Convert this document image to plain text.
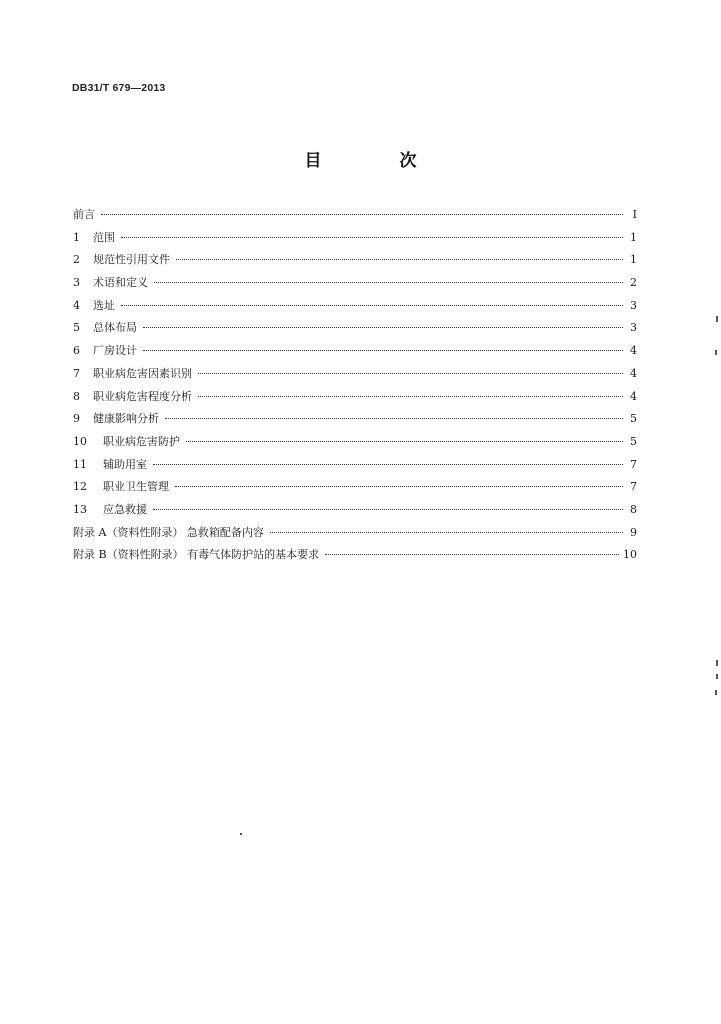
DB31/T 679—2013
目 次
前言	I
1	范围	1
2	规范性引用文件	1
3	术语和定义	2
4	选址	3
5	总体布局	3
6	厂房设计	4
7	职业病危害因素识别	4
8	职业病危害程度分析	4
9	健康影响分析	5
10	职业病危害防护	5
11	辅助用室	7
12	职业卫生管理	7
13	应急救援	8
附录 A（资料性附录） 急救箱配备内容	9
附录 B（资料性附录） 有毒气体防护站的基本要求	10
